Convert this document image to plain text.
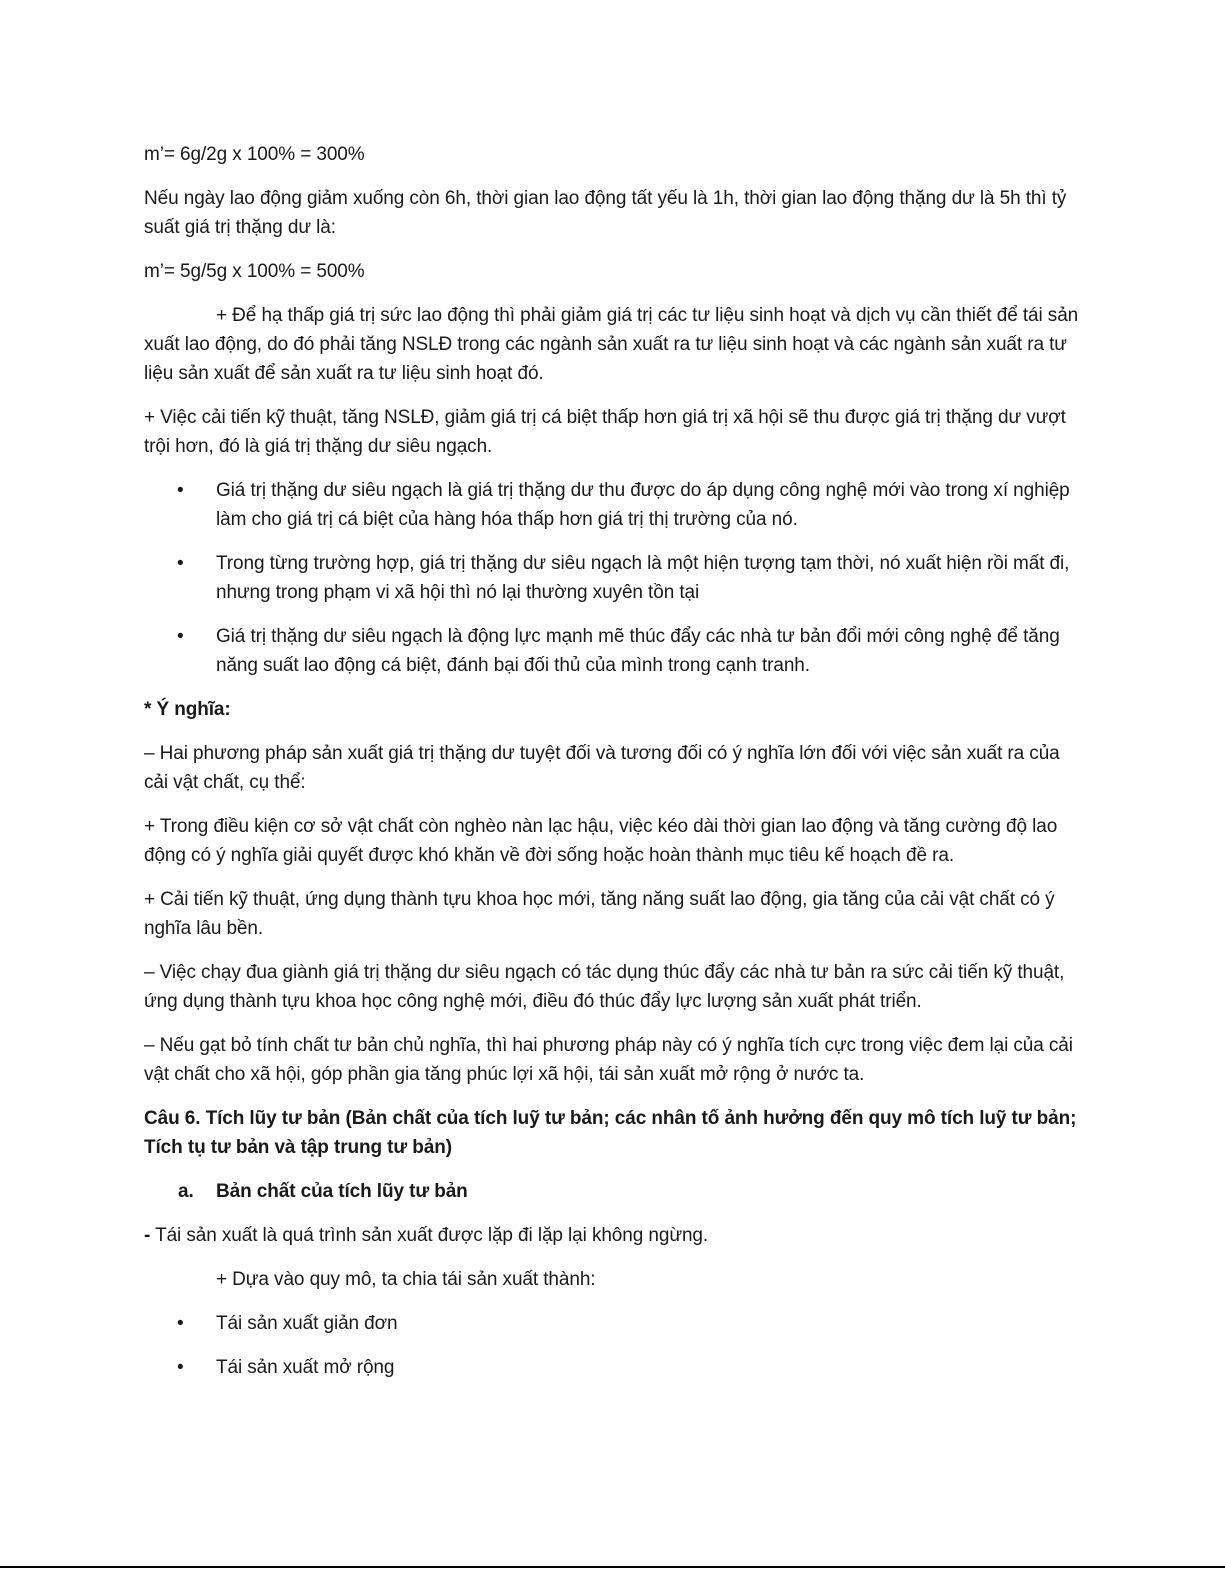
m’= 6g/2g x 100% = 300%

Nếu ngày lao động giảm xuống còn 6h, thời gian lao động tất yếu là 1h, thời gian lao động thặng dư là 5h thì tỷ suất giá trị thặng dư là:

m’= 5g/5g x 100% = 500%

+ Để hạ thấp giá trị sức lao động thì phải giảm giá trị các tư liệu sinh hoạt và dịch vụ cần thiết để tái sản xuất lao động, do đó phải tăng NSLĐ trong các ngành sản xuất ra tư liệu sinh hoạt và các ngành sản xuất ra tư liệu sản xuất để sản xuất ra tư liệu sinh hoạt đó.

+ Việc cải tiến kỹ thuật, tăng NSLĐ, giảm giá trị cá biệt thấp hơn giá trị xã hội sẽ thu được giá trị thặng dư vượt trội hơn, đó là giá trị thặng dư siêu ngạch.

• Giá trị thặng dư siêu ngạch là giá trị thặng dư thu được do áp dụng công nghệ mới vào trong xí nghiệp làm cho giá trị cá biệt của hàng hóa thấp hơn giá trị thị trường của nó.
• Trong từng trường hợp, giá trị thặng dư siêu ngạch là một hiện tượng tạm thời, nó xuất hiện rồi mất đi, nhưng trong phạm vi xã hội thì nó lại thường xuyên tồn tại
• Giá trị thặng dư siêu ngạch là động lực mạnh mẽ thúc đẩy các nhà tư bản đổi mới công nghệ để tăng năng suất lao động cá biệt, đánh bại đối thủ của mình trong cạnh tranh.

* Ý nghĩa:

– Hai phương pháp sản xuất giá trị thặng dư tuyệt đối và tương đối có ý nghĩa lớn đối với việc sản xuất ra của cải vật chất, cụ thể:

+ Trong điều kiện cơ sở vật chất còn nghèo nàn lạc hậu, việc kéo dài thời gian lao động và tăng cường độ lao động có ý nghĩa giải quyết được khó khăn về đời sống hoặc hoàn thành mục tiêu kế hoạch đề ra.

+ Cải tiến kỹ thuật, ứng dụng thành tựu khoa học mới, tăng năng suất lao động, gia tăng của cải vật chất có ý nghĩa lâu bền.

– Việc chạy đua giành giá trị thặng dư siêu ngạch có tác dụng thúc đẩy các nhà tư bản ra sức cải tiến kỹ thuật, ứng dụng thành tựu khoa học công nghệ mới, điều đó thúc đẩy lực lượng sản xuất phát triển.

– Nếu gạt bỏ tính chất tư bản chủ nghĩa, thì hai phương pháp này có ý nghĩa tích cực trong việc đem lại của cải vật chất cho xã hội, góp phần gia tăng phúc lợi xã hội, tái sản xuất mở rộng ở nước ta.

Câu 6. Tích lũy tư bản (Bản chất của tích luỹ tư bản; các nhân tố ảnh hưởng đến quy mô tích luỹ tư bản; Tích tụ tư bản và tập trung tư bản)

a. Bản chất của tích lũy tư bản

- Tái sản xuất là quá trình sản xuất được lặp đi lặp lại không ngừng.

+ Dựa vào quy mô, ta chia tái sản xuất thành:

• Tái sản xuất giản đơn
• Tái sản xuất mở rộng
